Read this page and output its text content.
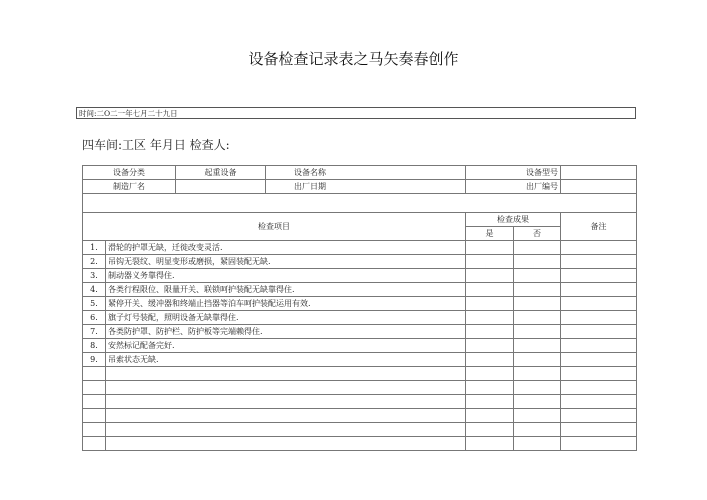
设备检查记录表之马矢奏春创作
时间:二O二一年七月二十九日
四车间:工区 年月日 检查人:
设备分类		起重设备	设备名称	设备型号		
制造厂名			出厂日期	出厂编号		

检查项目				检查成果		备注
				是	否	
1.	滑轮的护罩无缺，迁徙改变灵活.					
2.	吊钩无裂纹、明显变形或磨损，紧固装配无缺.					
3.	制动器义务靠得住.					
4.	各类行程限位、限量开关、联锁呵护装配无缺靠得住.					
5.	紧停开关、缓冲器和终端止挡器等泊车呵护装配运用有效.					
6.	旗子灯号装配，照明设备无缺靠得住.					
7.	各类防护罩、防护栏、防护板等完端赖得住.					
8.	安然标记配备完好.					
9.	吊索状态无缺.					
